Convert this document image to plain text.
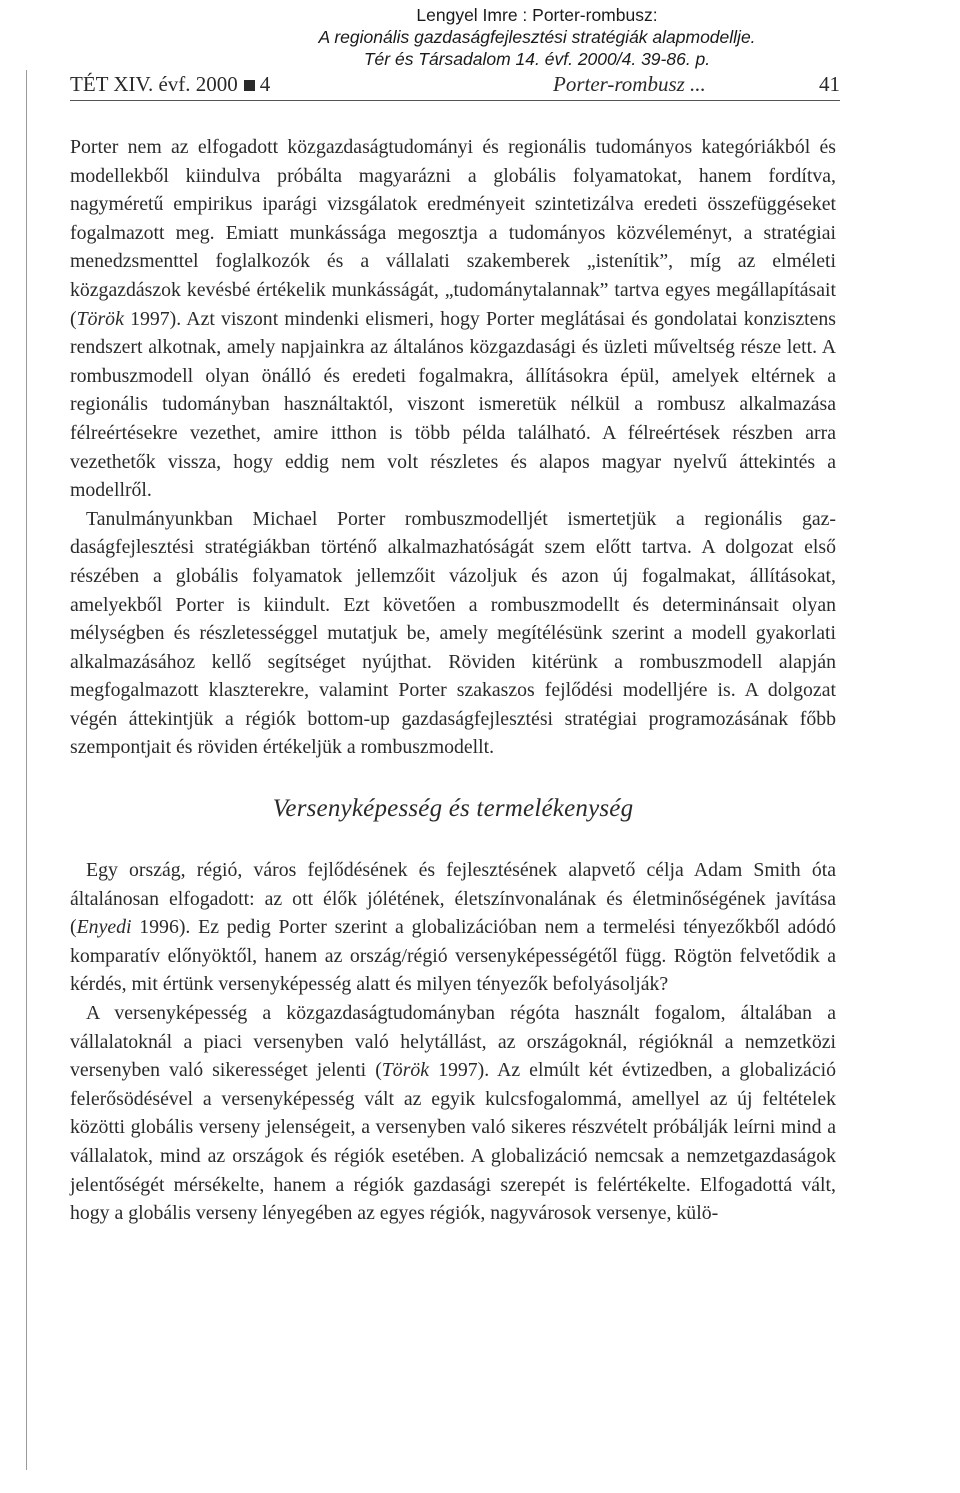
Lengyel Imre : Porter-rombusz:
A regionális gazdaságfejlesztési stratégiák alapmodellje.
Tér és Társadalom 14. évf. 2000/4. 39-86. p.
TÉT XIV. évf. 2000 4	Porter-rombusz ...	41

Porter nem az elfogadott közgazdaságtudományi és regionális tudományos kategóriákból és modellekből kiindulva próbálta magyarázni a globális folyamatokat, hanem fordítva, nagyméretű empirikus iparági vizsgálatok eredményeit szintetizálva eredeti összefüggéseket fogalmazott meg. Emiatt munkássága megosztja a tudományos közvéleményt, a stratégiai menedzsmenttel foglalkozók és a vállalati szakemberek „istenítik”, míg az elméleti közgazdászok kevésbé értékelik munkásságát, „tudománytalannak” tartva egyes megállapításait (Török 1997). Azt viszont mindenki elismeri, hogy Porter meglátásai és gondolatai konzisztens rendszert alkotnak, amely napjainkra az általános közgazdasági és üzleti műveltség része lett. A rombuszmodell olyan önálló és eredeti fogalmakra, állításokra épül, amelyek eltérnek a regionális tudományban használtaktól, viszont ismeretük nélkül a rombusz alkalmazása félreértésekre vezethet, amire itthon is több példa található. A félreértések részben arra vezethetők vissza, hogy eddig nem volt részletes és alapos magyar nyelvű áttekintés a modellről.

Tanulmányunkban Michael Porter rombuszmodelljét ismertetjük a regionális gazdaságfejlesztési stratégiákban történő alkalmazhatóságát szem előtt tartva. A dolgozat első részében a globális folyamatok jellemzőit vázoljuk és azon új fogalmakat, állításokat, amelyekből Porter is kiindult. Ezt követően a rombuszmodellt és determinánsait olyan mélységben és részletességgel mutatjuk be, amely megítélésünk szerint a modell gyakorlati alkalmazásához kellő segítséget nyújthat. Röviden kitérünk a rombuszmodell alapján megfogalmazott klaszterekre, valamint Porter szakaszos fejlődési modelljére is. A dolgozat végén áttekintjük a régiók bottom-up gazdaságfejlesztési stratégiai programozásának főbb szempontjait és röviden értékeljük a rombuszmodellt.

Versenyképesség és termelékenység

Egy ország, régió, város fejlődésének és fejlesztésének alapvető célja Adam Smith óta általánosan elfogadott: az ott élők jólétének, életszínvonalának és életminőségének javítása (Enyedi 1996). Ez pedig Porter szerint a globalizációban nem a termelési tényezőkből adódó komparatív előnyöktől, hanem az ország/régió versenyképességétől függ. Rögtön felvetődik a kérdés, mit értünk versenyképesség alatt és milyen tényezők befolyásolják?

A versenyképesség a közgazdaságtudományban régóta használt fogalom, általában a vállalatoknál a piaci versenyben való helytállást, az országoknál, régióknál a nemzetközi versenyben való sikerességet jelenti (Török 1997). Az elmúlt két évtizedben, a globalizáció felerősödésével a versenyképesség vált az egyik kulcsfogalommá, amellyel az új feltételek közötti globális verseny jelenségeit, a versenyben való sikeres részvételt próbálják leírni mind a vállalatok, mind az országok és régiók esetében. A globalizáció nemcsak a nemzetgazdaságok jelentőségét mérsékelte, hanem a régiók gazdasági szerepét is felértékelte. Elfogadottá vált, hogy a globális verseny lényegében az egyes régiók, nagyvárosok versenye, külö-
